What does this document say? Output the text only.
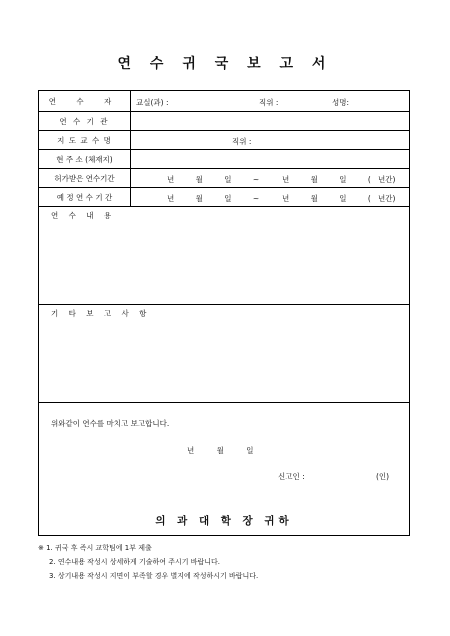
연 수 귀 국 보 고 서
연 수 자	교실(과) :	직위 :	성명:
연 수 기 관
지 도 교 수 명	직위 :
현 주 소 (체재지)
허가받은 연수기간	년 월 일 ~	년 월 일 ( 년간)
예 정 연 수 기 간	년 월 일 ~	년 월 일 ( 년간)
연 수 내 용
기 타 보 고 사 항
위와같이 연수를 마치고 보고합니다.
년 월 일
신고인 :	(인)
의 과 대 학 장 귀하
※ 1. 귀국 후 즉시 교학팀에 1부 제출
2. 연수내용 작성시 상세하게 기술하여 주시기 바랍니다.
3. 상기내용 작성시 지면이 부족할 경우 별지에 작성하시기 바랍니다.
